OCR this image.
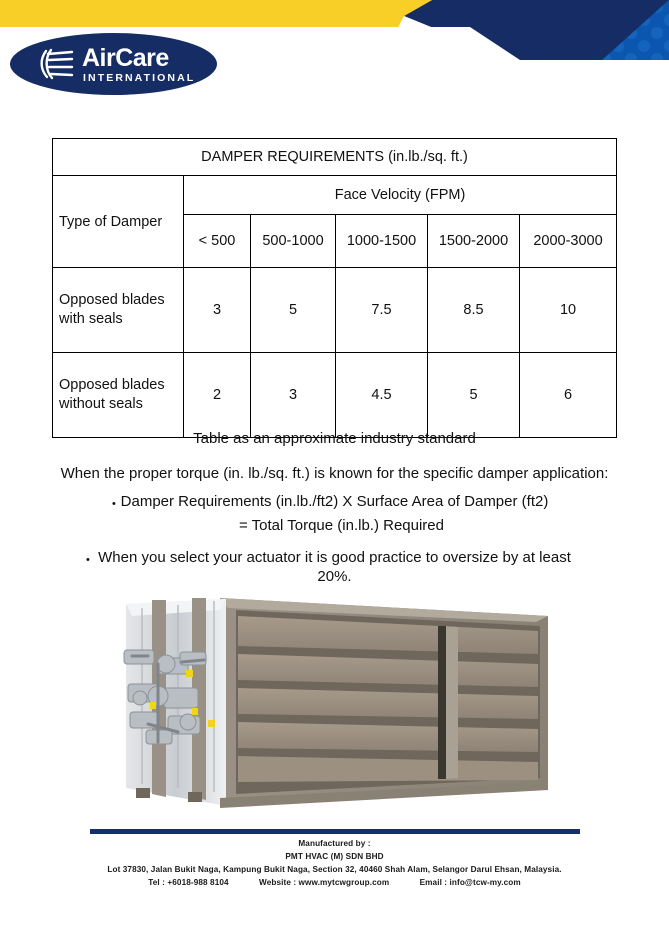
AirCare
INTERNATIONAL
DAMPER REQUIREMENTS (in.lb./sq. ft.)					
Type of Damper	Face Velocity (FPM)				
	< 500	500-1000	1000-1500	1500-2000	2000-3000
Opposed blades with seals	3	5	7.5	8.5	10
Opposed blades without seals	2	3	4.5	5	6
Table as an approximate industry standard
When the proper torque (in. lb./sq. ft.) is known for the specific damper application:
• Damper Requirements (in.lb./ft2) X Surface Area of Damper (ft2)
= Total Torque (in.lb.) Required
• When you select your actuator it is good practice to oversize by at least 20%.
Manufactured by :
PMT HVAC (M) SDN BHD
Lot 37830, Jalan Bukit Naga, Kampung Bukit Naga, Section 32, 40460 Shah Alam, Selangor Darul Ehsan, Malaysia.
Tel : +6018-988 8104	Website : www.mytcwgroup.com	Email : info@tcw-my.com
